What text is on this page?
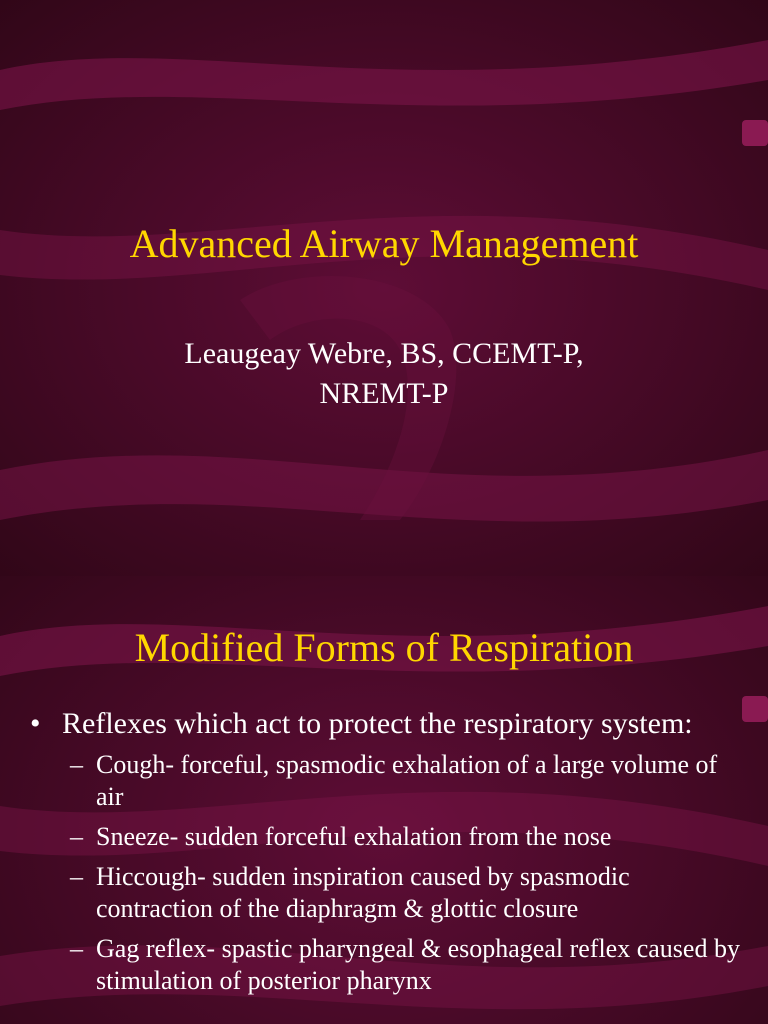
Advanced Airway Management
Leaugeay Webre, BS, CCEMT-P,
NREMT-P
Modified Forms of Respiration
• Reflexes which act to protect the respiratory system:
– Cough- forceful, spasmodic exhalation of a large volume of air
– Sneeze- sudden forceful exhalation from the nose
– Hiccough- sudden inspiration caused by spasmodic contraction of the diaphragm & glottic closure
– Gag reflex- spastic pharyngeal & esophageal reflex caused by stimulation of posterior pharynx
